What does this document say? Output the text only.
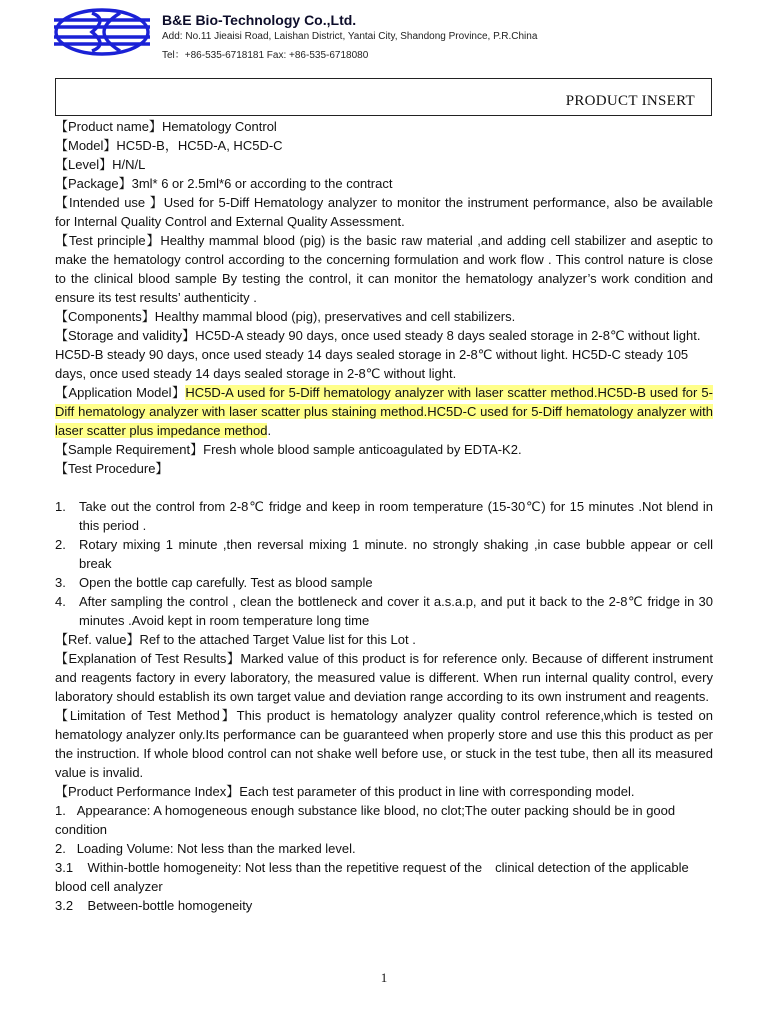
B&E Bio-Technology Co.,Ltd.
Add: No.11 Jieaisi Road, Laishan District, Yantai City, Shandong Province, P.R.China
Tel：+86-535-6718181 Fax: +86-535-6718080
PRODUCT INSERT

【Product name】Hematology Control

【Model】HC5D-B，HC5D-A, HC5D-C

【Level】H/N/L

【Package】3ml* 6 or 2.5ml*6 or according to the contract

【Intended use 】Used for 5-Diff Hematology analyzer to monitor the instrument performance, also be available for Internal Quality Control and External Quality Assessment.

【Test principle】Healthy mammal blood (pig) is the basic raw material ,and adding cell stabilizer and aseptic to make the hematology control according to the concerning formulation and work flow . This control nature is close to the clinical blood sample By testing the control, it can monitor the hematology analyzer’s work condition and ensure its test results’ authenticity .

【Components】Healthy mammal blood (pig), preservatives and cell stabilizers.

【Storage and validity】HC5D-A steady 90 days, once used steady 8 days sealed storage in 2-8℃ without light. HC5D-B steady 90 days, once used steady 14 days sealed storage in 2-8℃ without light. HC5D-C steady 105 days, once used steady 14 days sealed storage in 2-8℃ without light.

【Application Model】HC5D-A used for 5-Diff hematology analyzer with laser scatter method.HC5D-B used for 5-Diff hematology analyzer with laser scatter plus staining method.HC5D-C used for 5-Diff hematology analyzer with laser scatter plus impedance method.

【Sample Requirement】Fresh whole blood sample anticoagulated by EDTA-K2.

【Test Procedure】

1. Take out the control from 2-8℃ fridge and keep in room temperature (15-30℃) for 15 minutes .Not blend in this period .
2. Rotary mixing 1 minute ,then reversal mixing 1 minute. no strongly shaking ,in case bubble appear or cell break
3. Open the bottle cap carefully. Test as blood sample
4. After sampling the control , clean the bottleneck and cover it a.s.a.p, and put it back to the 2-8℃ fridge in 30 minutes .Avoid kept in room temperature long time

【Ref. value】Ref to the attached Target Value list for this Lot .

【Explanation of Test Results】Marked value of this product is for reference only. Because of different instrument and reagents factory in every laboratory, the measured value is different. When run internal quality control, every laboratory should establish its own target value and deviation range according to its own instrument and reagents.

【Limitation of Test Method】This product is hematology analyzer quality control reference,which is tested on hematology analyzer only.Its performance can be guaranteed when properly store and use this this product as per the instruction. If whole blood control can not shake well before use, or stuck in the test tube, then all its measured value is invalid.

【Product Performance Index】Each test parameter of this product in line with corresponding model.

1. Appearance: A homogeneous enough substance like blood, no clot;The outer packing should be in good condition

2. Loading Volume: Not less than the marked level.

3.1 Within-bottle homogeneity: Not less than the repetitive request of the　clinical detection of the applicable blood cell analyzer

3.2 Between-bottle homogeneity

1
